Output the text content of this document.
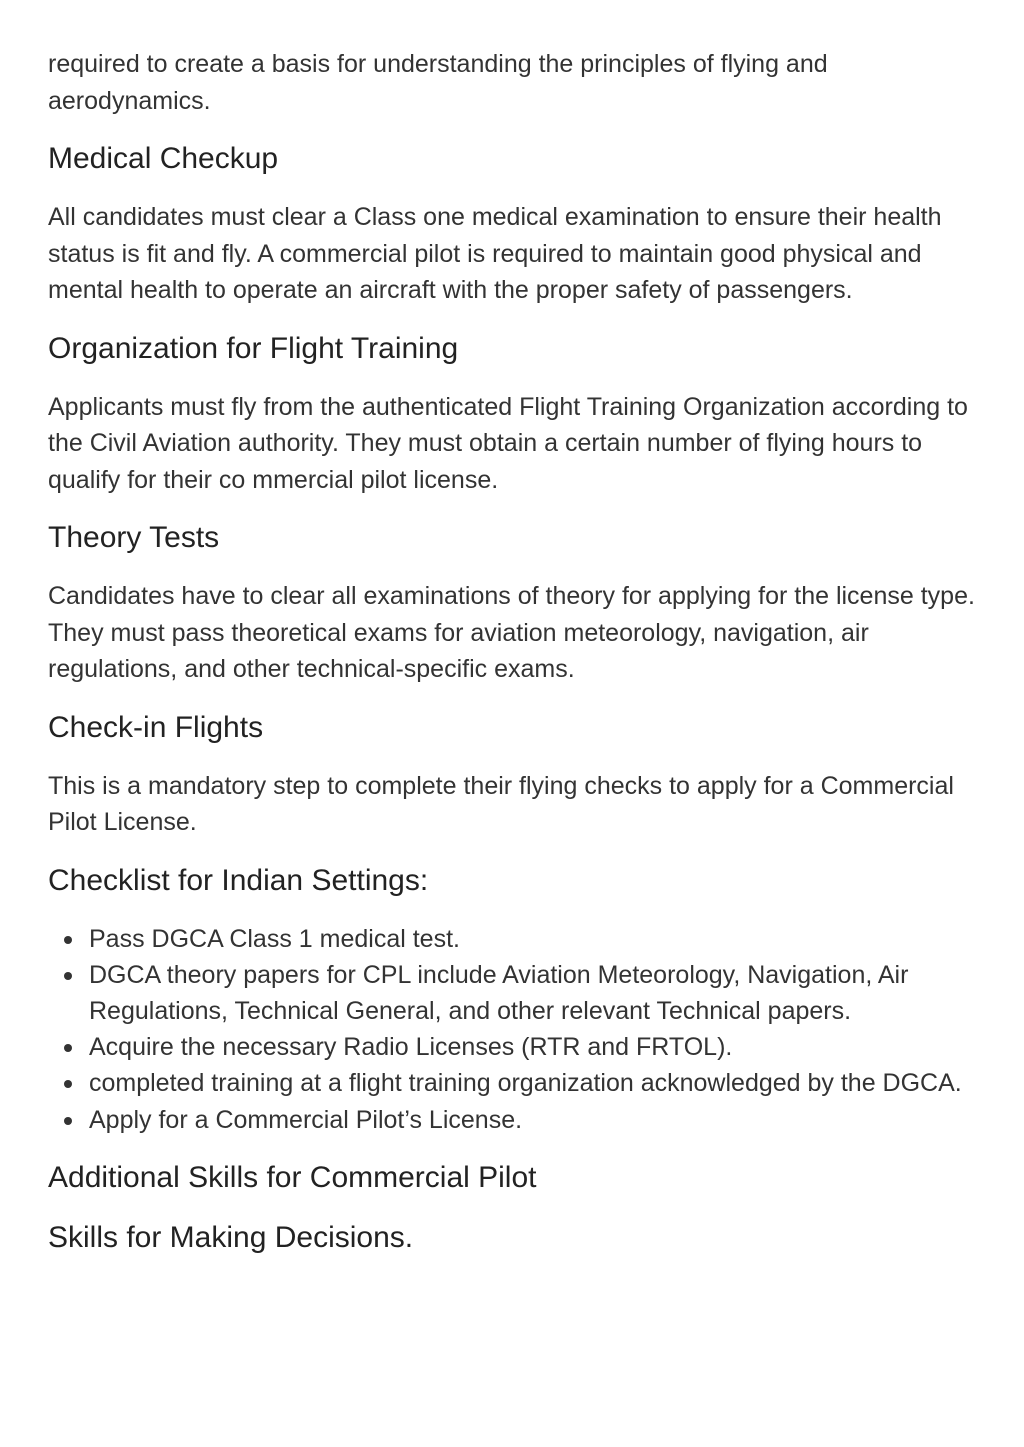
required to create a basis for understanding the principles of flying and aerodynamics.

Medical Checkup

All candidates must clear a Class one medical examination to ensure their health status is fit and fly. A commercial pilot is required to maintain good physical and mental health to operate an aircraft with the proper safety of passengers.

Organization for Flight Training

Applicants must fly from the authenticated Flight Training Organization according to the Civil Aviation authority. They must obtain a certain number of flying hours to qualify for their co mmercial pilot license.

Theory Tests

Candidates have to clear all examinations of theory for applying for the license type. They must pass theoretical exams for aviation meteorology, navigation, air regulations, and other technical-specific exams.

Check-in Flights

This is a mandatory step to complete their flying checks to apply for a Commercial Pilot License.

Checklist for Indian Settings:
Pass DGCA Class 1 medical test.
DGCA theory papers for CPL include Aviation Meteorology, Navigation, Air Regulations, Technical General, and other relevant Technical papers.
Acquire the necessary Radio Licenses (RTR and FRTOL).
completed training at a flight training organization acknowledged by the DGCA.
Apply for a Commercial Pilot’s License.
Additional Skills for Commercial Pilot
Skills for Making Decisions.
